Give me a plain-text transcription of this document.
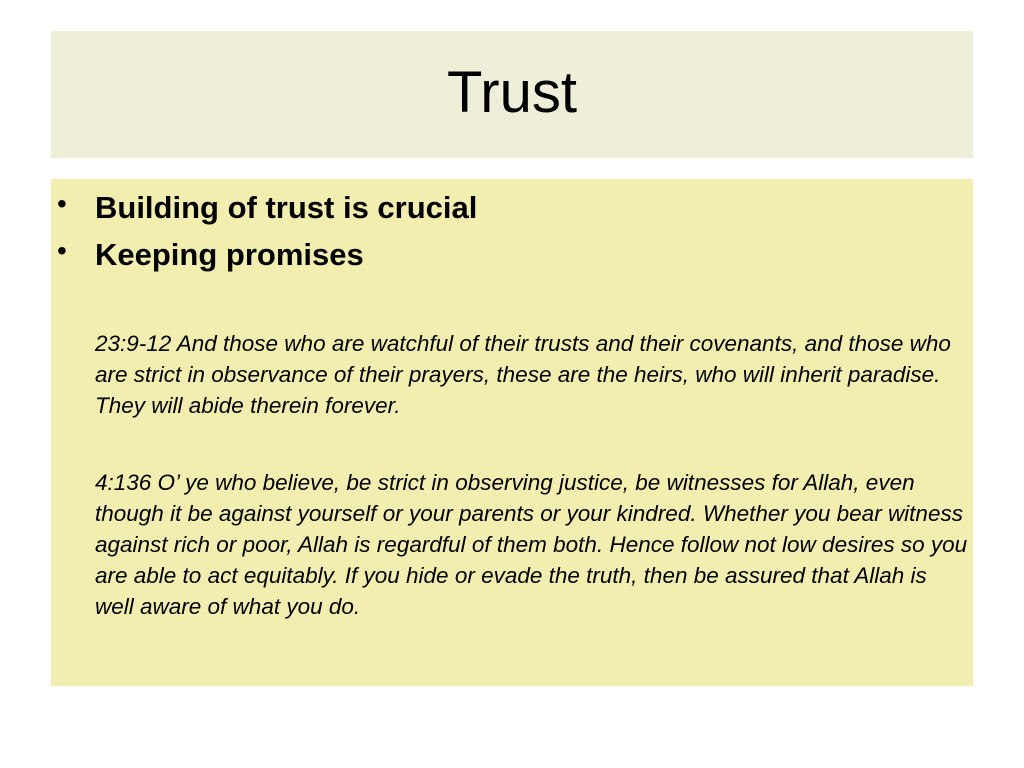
Trust
• Building of trust is crucial
• Keeping promises

23:9-12 And those who are watchful of their trusts and their covenants, and those who are strict in observance of their prayers, these are the heirs, who will inherit paradise. They will abide therein forever.

4:136 O’ ye who believe, be strict in observing justice, be witnesses for Allah, even though it be against yourself or your parents or your kindred. Whether you bear witness against rich or poor, Allah is regardful of them both. Hence follow not low desires so you are able to act equitably. If you hide or evade the truth, then be assured that Allah is well aware of what you do.
